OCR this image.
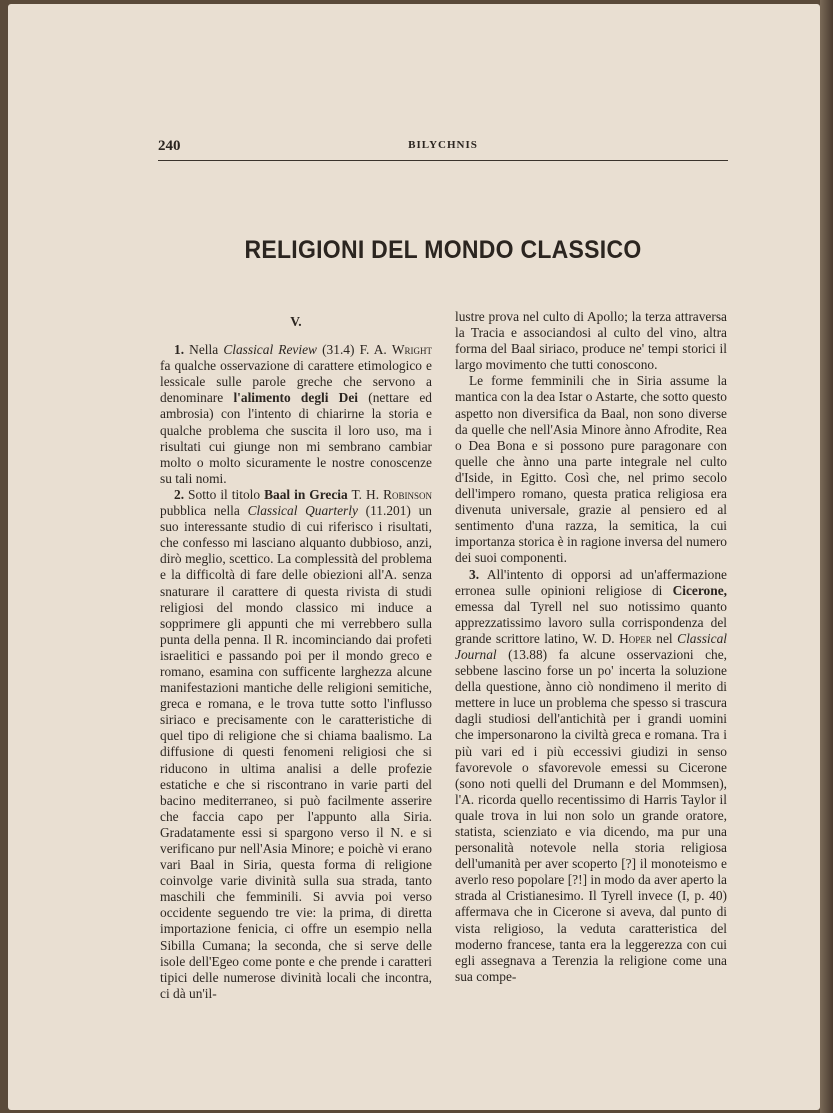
240	BILYCHNIS
RELIGIONI DEL MONDO CLASSICO
V.

1. Nella Classical Review (31.4) F. A. Wright fa qualche osservazione di carattere etimologico e lessicale sulle parole greche che servono a denominare l'alimento degli Dei (nettare ed ambrosia) con l'intento di chiarirne la storia e qualche problema che suscita il loro uso, ma i risultati cui giunge non mi sembrano cambiar molto o molto sicuramente le nostre conoscenze su tali nomi.

2. Sotto il titolo Baal in Grecia T. H. Robinson pubblica nella Classical Quarterly (11.201) un suo interessante studio di cui riferisco i risultati, che confesso mi lasciano alquanto dubbioso, anzi, dirò meglio, scettico. La complessità del problema e la difficoltà di fare delle obiezioni all'A. senza snaturare il carattere di questa rivista di studi religiosi del mondo classico mi induce a sopprimere gli appunti che mi verrebbero sulla punta della penna. Il R. incominciando dai profeti israelitici e passando poi per il mondo greco e romano, esamina con sufficente larghezza alcune manifestazioni mantiche delle religioni semitiche, greca e romana, e le trova tutte sotto l'influsso siriaco e precisamente con le caratteristiche di quel tipo di religione che si chiama baalismo. La diffusione di questi fenomeni religiosi che si riducono in ultima analisi a delle profezie estatiche e che si riscontrano in varie parti del bacino mediterraneo, si può facilmente asserire che faccia capo per l'appunto alla Siria. Gradatamente essi si spargono verso il N. e si verificano pur nell'Asia Minore; e poichè vi erano vari Baal in Siria, questa forma di religione coinvolge varie divinità sulla sua strada, tanto maschili che femminili. Si avvia poi verso occidente seguendo tre vie: la prima, di diretta importazione fenicia, ci offre un esempio nella Sibilla Cumana; la seconda, che si serve delle isole dell'Egeo come ponte e che prende i caratteri tipici delle numerose divinità locali che incontra, ci dà un'il-

lustre prova nel culto di Apollo; la terza attraversa la Tracia e associandosi al culto del vino, altra forma del Baal siriaco, produce ne' tempi storici il largo movimento che tutti conoscono.

Le forme femminili che in Siria assume la mantica con la dea Istar o Astarte, che sotto questo aspetto non diversifica da Baal, non sono diverse da quelle che nell'Asia Minore ànno Afrodite, Rea o Dea Bona e si possono pure paragonare con quelle che ànno una parte integrale nel culto d'Iside, in Egitto. Così che, nel primo secolo dell'impero romano, questa pratica religiosa era divenuta universale, grazie al pensiero ed al sentimento d'una razza, la semitica, la cui importanza storica è in ragione inversa del numero dei suoi componenti.

3. All'intento di opporsi ad un'affermazione erronea sulle opinioni religiose di Cicerone, emessa dal Tyrell nel suo notissimo quanto apprezzatissimo lavoro sulla corrispondenza del grande scrittore latino, W. D. Hoper nel Classical Journal (13.88) fa alcune osservazioni che, sebbene lascino forse un po' incerta la soluzione della questione, ànno ciò nondimeno il merito di mettere in luce un problema che spesso si trascura dagli studiosi dell'antichità per i grandi uomini che impersonarono la civiltà greca e romana. Tra i più vari ed i più eccessivi giudizi in senso favorevole o sfavorevole emessi su Cicerone (sono noti quelli del Drumann e del Mommsen), l'A. ricorda quello recentissimo di Harris Taylor il quale trova in lui non solo un grande oratore, statista, scienziato e via dicendo, ma pur una personalità notevole nella storia religiosa dell'umanità per aver scoperto [?] il monoteismo e averlo reso popolare [?!] in modo da aver aperto la strada al Cristianesimo. Il Tyrell invece (I, p. 40) affermava che in Cicerone si aveva, dal punto di vista religioso, la veduta caratteristica del moderno francese, tanta era la leggerezza con cui egli assegnava a Terenzia la religione come una sua compe-
